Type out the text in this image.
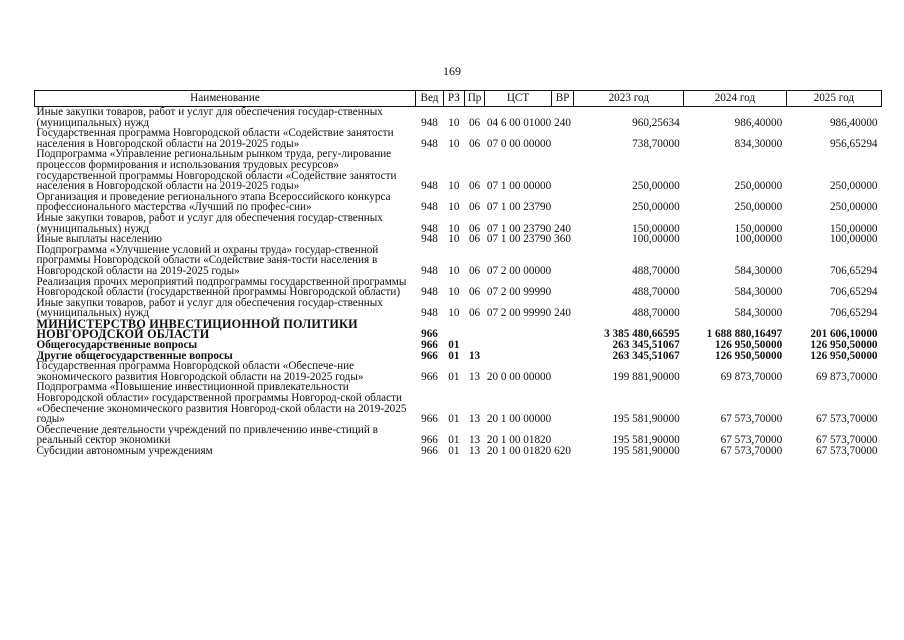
169
Наименование	Вед	РЗ	Пр	ЦСТ	ВР	2023 год	2024 год	2025 год
Иные закупки товаров, работ и услуг для обеспечения государ-ственных (муниципальных) нужд	948	10	06	04 6 00 01000	240	960,25634	986,40000	986,40000
Государственная программа Новгородской области «Содействие занятости населения в Новгородской области на 2019-2025 годы»	948	10	06	07 0 00 00000		738,70000	834,30000	956,65294
Подпрограмма «Управление региональным рынком труда, регу-лирование процессов формирования и использования трудовых ресурсов» государственной программы Новгородской области «Содействие занятости населения в Новгородской области на 2019-2025 годы»	948	10	06	07 1 00 00000		250,00000	250,00000	250,00000
Организация и проведение регионального этапа Всероссийского конкурса профессионального мастерства «Лучший по профес-сии»	948	10	06	07 1 00 23790		250,00000	250,00000	250,00000
Иные закупки товаров, работ и услуг для обеспечения государ-ственных (муниципальных) нужд	948	10	06	07 1 00 23790	240	150,00000	150,00000	150,00000
Иные выплаты населению	948	10	06	07 1 00 23790	360	100,00000	100,00000	100,00000
Подпрограмма «Улучшение условий и охраны труда» государ-ственной программы Новгородской области «Содействие заня-тости населения в Новгородской области на 2019-2025 годы»	948	10	06	07 2 00 00000		488,70000	584,30000	706,65294
Реализация прочих мероприятий подпрограммы государственной программы Новгородской области (государственной программы Новгородской области)	948	10	06	07 2 00 99990		488,70000	584,30000	706,65294
Иные закупки товаров, работ и услуг для обеспечения государ-ственных (муниципальных) нужд	948	10	06	07 2 00 99990	240	488,70000	584,30000	706,65294
МИНИСТЕРСТВО ИНВЕСТИЦИОННОЙ ПОЛИТИКИ НОВГОРОДСКОЙ ОБЛАСТИ	966					3 385 480,66595	1 688 880,16497	201 606,10000
Общегосударственные вопросы	966	01				263 345,51067	126 950,50000	126 950,50000
Другие общегосударственные вопросы	966	01	13			263 345,51067	126 950,50000	126 950,50000
Государственная программа Новгородской области «Обеспече-ние экономического развития Новгородской области на 2019-2025 годы»	966	01	13	20 0 00 00000		199 881,90000	69 873,70000	69 873,70000
Подпрограмма «Повышение инвестиционной привлекательности Новгородской области» государственной программы Новгород-ской области «Обеспечение экономического развития Новгород-ской области на 2019-2025 годы»	966	01	13	20 1 00 00000		195 581,90000	67 573,70000	67 573,70000
Обеспечение деятельности учреждений по привлечению инве-стиций в реальный сектор экономики	966	01	13	20 1 00 01820		195 581,90000	67 573,70000	67 573,70000
Субсидии автономным учреждениям	966	01	13	20 1 00 01820	620	195 581,90000	67 573,70000	67 573,70000
